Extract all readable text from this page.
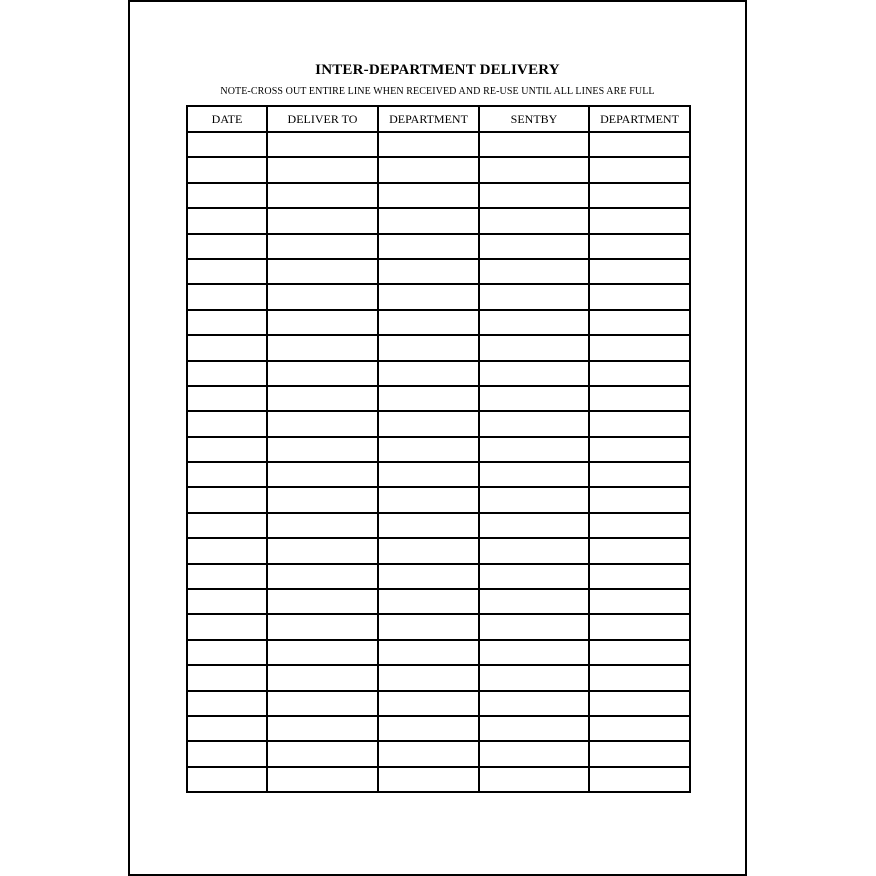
INTER-DEPARTMENT DELIVERY
NOTE-CROSS OUT ENTIRE LINE WHEN RECEIVED AND RE-USE UNTIL ALL LINES ARE FULL
DATE	DELIVER TO	DEPARTMENT	SENTBY	DEPARTMENT
